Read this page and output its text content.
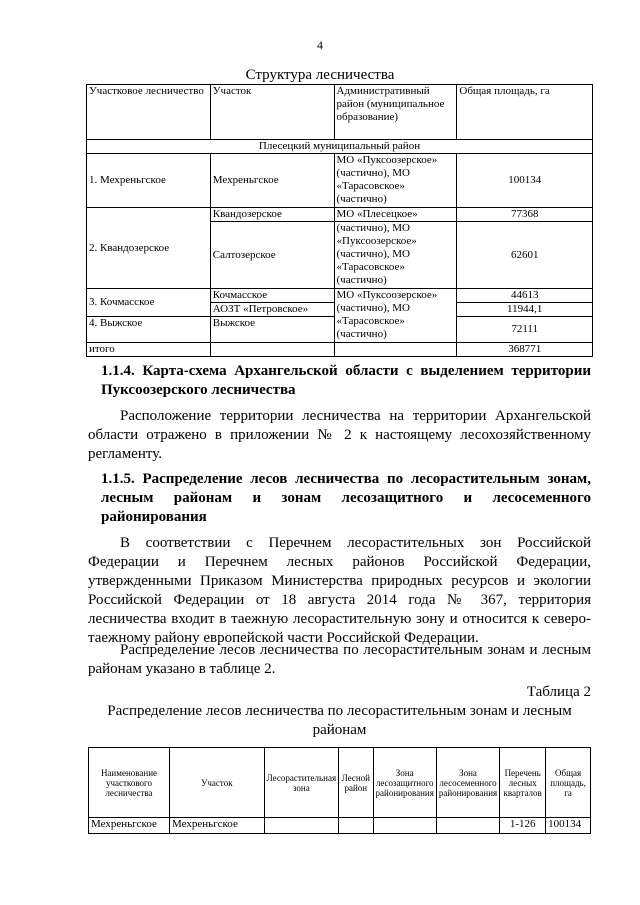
4
Структура лесничества
Участковое лесничество	Участок	Административный район (муниципальное образование)	Общая площадь, га
Плесецкий муниципальный район			
1. Мехреньгское	Мехреньгское	МО «Пуксоозерское» (частично), МО «Тарасовское» (частично)	100134
2. Квандозерское	Квандозерское	МО «Плесецкое»	77368
	Салтозерское	(частично), МО «Пуксоозерское» (частично), МО «Тарасовское» (частично)	62601
3. Кочмасское	Кочмасское	МО «Пуксоозерское» (частично), МО «Тарасовское» (частично)	44613
	АОЗТ «Петровское»		11944,1
4. Выжское	Выжское		72111
итого			368771
1.1.4. Карта-схема Архангельской области с выделением территории Пуксоозерского лесничества
Расположение территории лесничества на территории Архангельской области отражено в приложении № 2 к настоящему лесохозяйственному регламенту.
1.1.5. Распределение лесов лесничества по лесорастительным зонам, лесным районам и зонам лесозащитного и лесосеменного районирования
В соответствии с Перечнем лесорастительных зон Российской Федерации и Перечнем лесных районов Российской Федерации, утвержденными Приказом Министерства природных ресурсов и экологии Российской Федерации от 18 августа 2014 года № 367, территория лесничества входит в таежную лесорастительную зону и относится к северо-таежному району европейской части Российской Федерации.
Распределение лесов лесничества по лесорастительным зонам и лесным районам указано в таблице 2.
Таблица 2
Распределение лесов лесничества по лесорастительным зонам и лесным районам
Наименование участкового лесничества	Участок	Лесорастительная зона	Лесной район	Зона лесозащитного районирования	Зона лесосеменного районирования	Перечень лесных кварталов	Общая площадь, га
Мехреньгское	Мехреньгское					1-126	100134
